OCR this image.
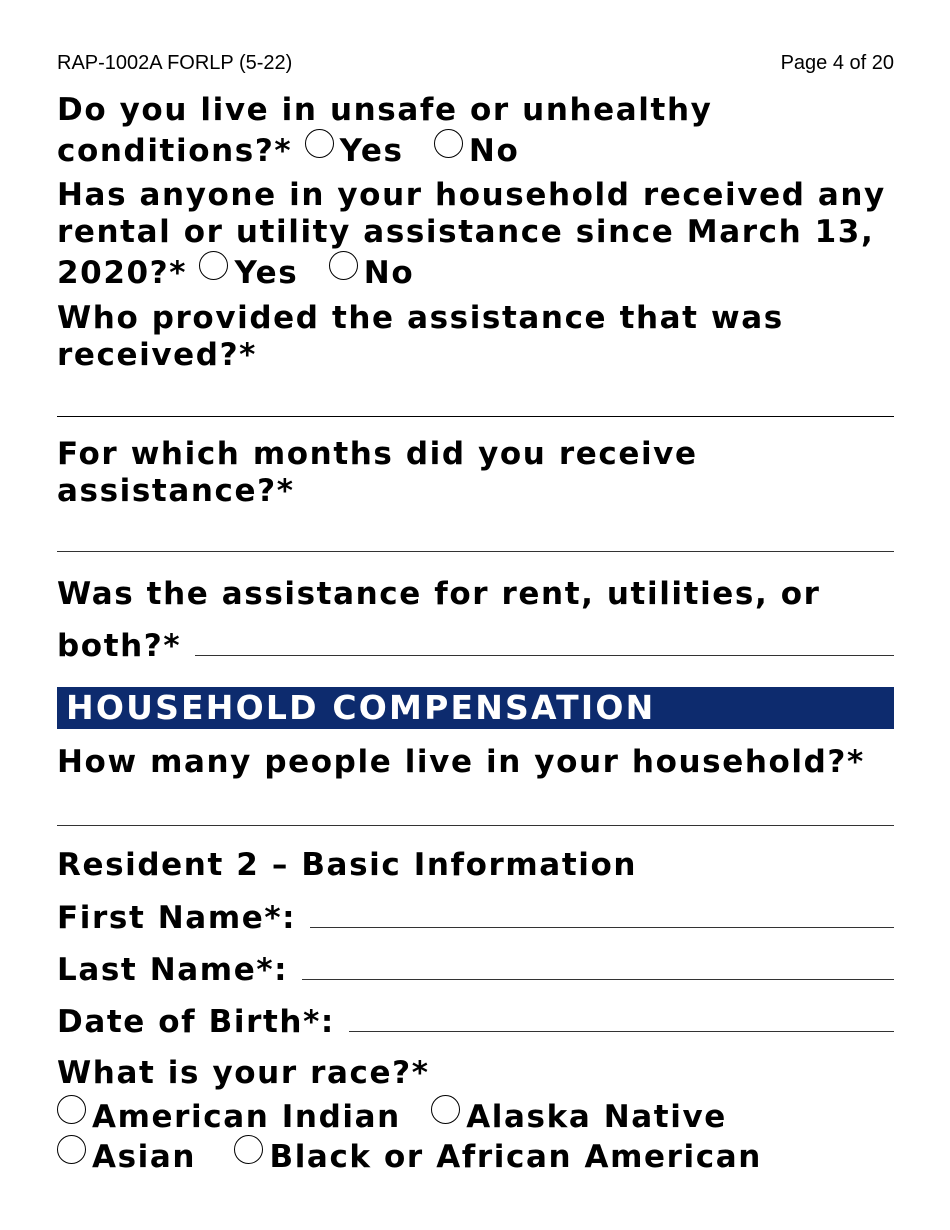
RAP-1002A FORLP (5-22)	Page 4 of 20
Do you live in unsafe or unhealthy conditions?* Yes No
Has anyone in your household received any rental or utility assistance since March 13, 2020?* Yes No
Who provided the assistance that was received?*
For which months did you receive assistance?*
Was the assistance for rent, utilities, or
both?*
HOUSEHOLD COMPENSATION
How many people live in your household?*
Resident 2 – Basic Information
First Name*:
Last Name*:
Date of Birth*:
What is your race?*
American Indian Alaska Native
Asian Black or African American
